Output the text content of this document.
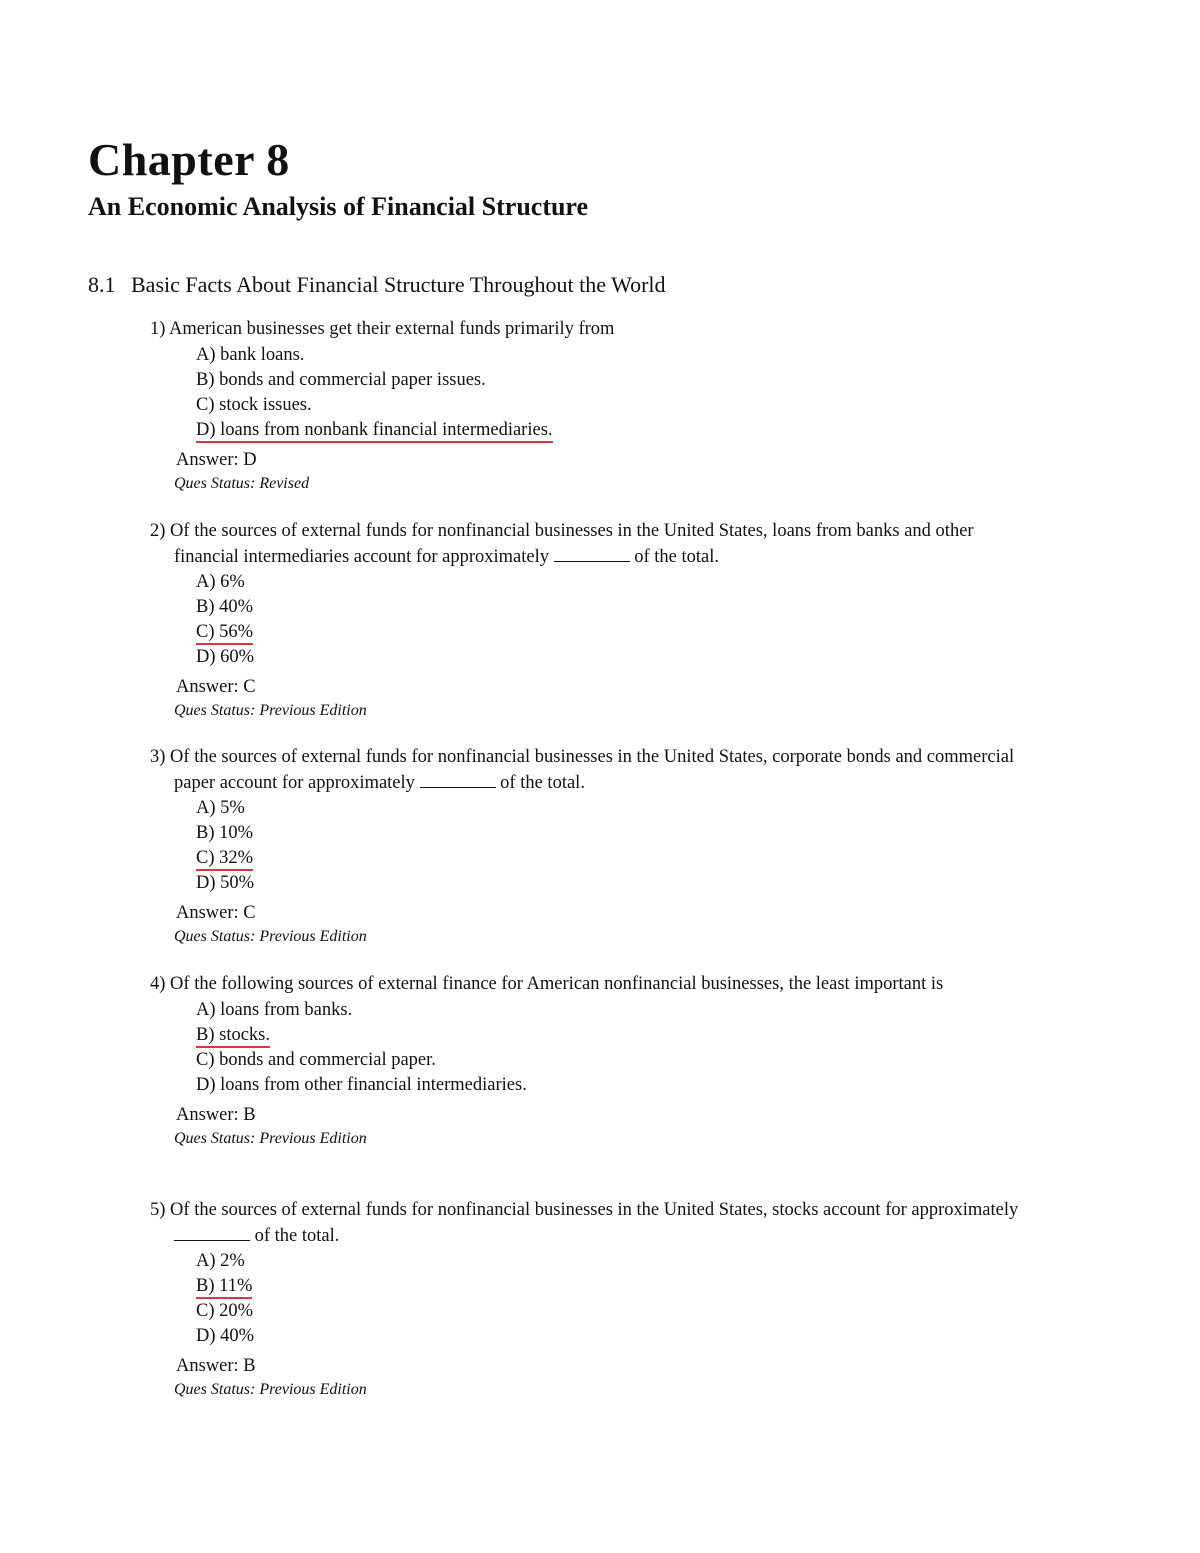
Chapter 8
An Economic Analysis of Financial Structure
8.1 Basic Facts About Financial Structure Throughout the World
1) American businesses get their external funds primarily from
A) bank loans.
B) bonds and commercial paper issues.
C) stock issues.
D) loans from nonbank financial intermediaries.
Answer: D
Ques Status: Revised
2) Of the sources of external funds for nonfinancial businesses in the United States, loans from banks and other financial intermediaries account for approximately	of the total.
A) 6%
B) 40%
C) 56%
D) 60%
Answer: C
Ques Status: Previous Edition
3) Of the sources of external funds for nonfinancial businesses in the United States, corporate bonds and commercial paper account for approximately	of the total.
A) 5%
B) 10%
C) 32%
D) 50%
Answer: C
Ques Status: Previous Edition
4) Of the following sources of external finance for American nonfinancial businesses, the least important is
A) loans from banks.
B) stocks.
C) bonds and commercial paper.
D) loans from other financial intermediaries.
Answer: B
Ques Status: Previous Edition
5) Of the sources of external funds for nonfinancial businesses in the United States, stocks account for approximately  of the total.
A) 2%
B) 11%
C) 20%
D) 40%
Answer: B
Ques Status: Previous Edition
